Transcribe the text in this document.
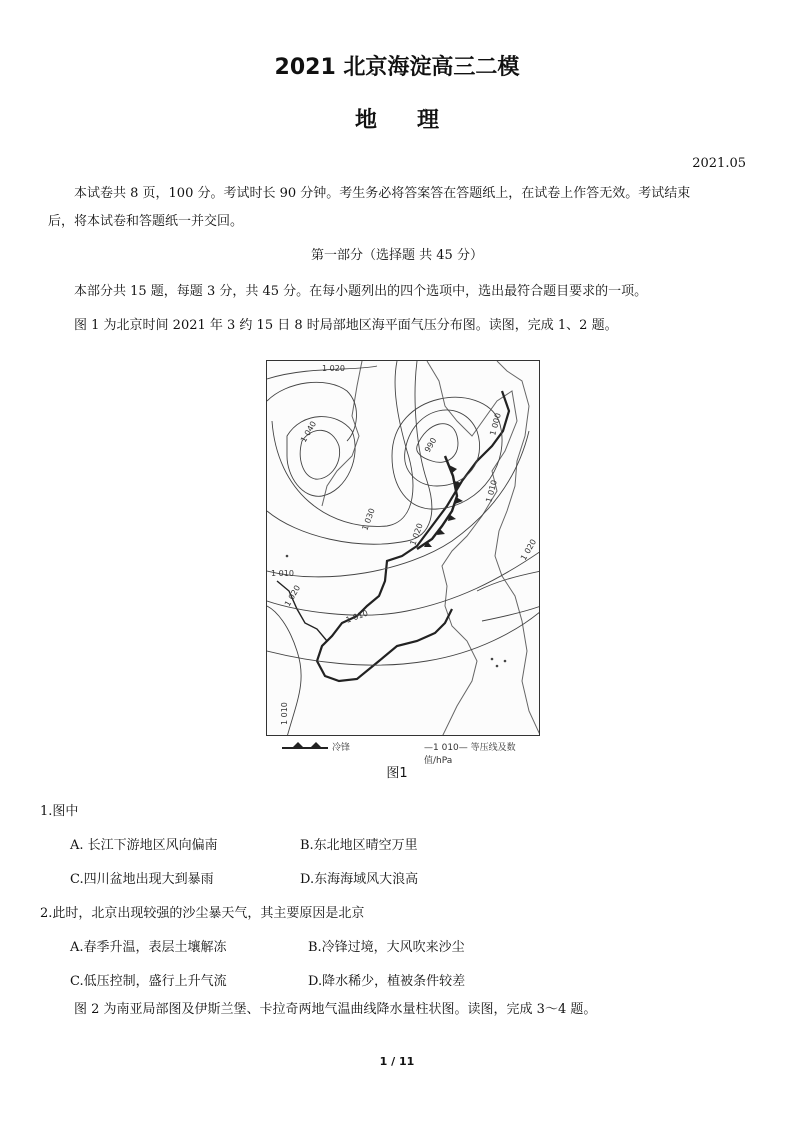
2021 北京海淀高三二模
地理
2021.05
本试卷共 8 页，100 分。考试时长 90 分钟。考生务必将答案答在答题纸上，在试卷上作答无效。考试结束
后，将本试卷和答题纸一并交回。
第一部分（选择题 共 45 分）
本部分共 15 题，每题 3 分，共 45 分。在每小题列出的四个选项中，选出最符合题目要求的一项。
图 1 为北京时间 2021 年 3 约 15 日 8 时局部地区海平面气压分布图。读图，完成 1、2 题。
1 020
1 040
1 030
1 020
990
1 000
1 010
1 020
1 010
1 010
1 010
1 020
冷锋	—1 010— 等压线及数值/hPa
图1
1.图中
A. 长江下游地区风向偏南	B.东北地区晴空万里
C.四川盆地出现大到暴雨	D.东海海域风大浪高
2.此时，北京出现较强的沙尘暴天气，其主要原因是北京
A.春季升温，表层土壤解冻	B.冷锋过境，大风吹来沙尘
C.低压控制，盛行上升气流	D.降水稀少，植被条件较差
图 2 为南亚局部图及伊斯兰堡、卡拉奇两地气温曲线降水量柱状图。读图，完成 3～4 题。
1 / 11
